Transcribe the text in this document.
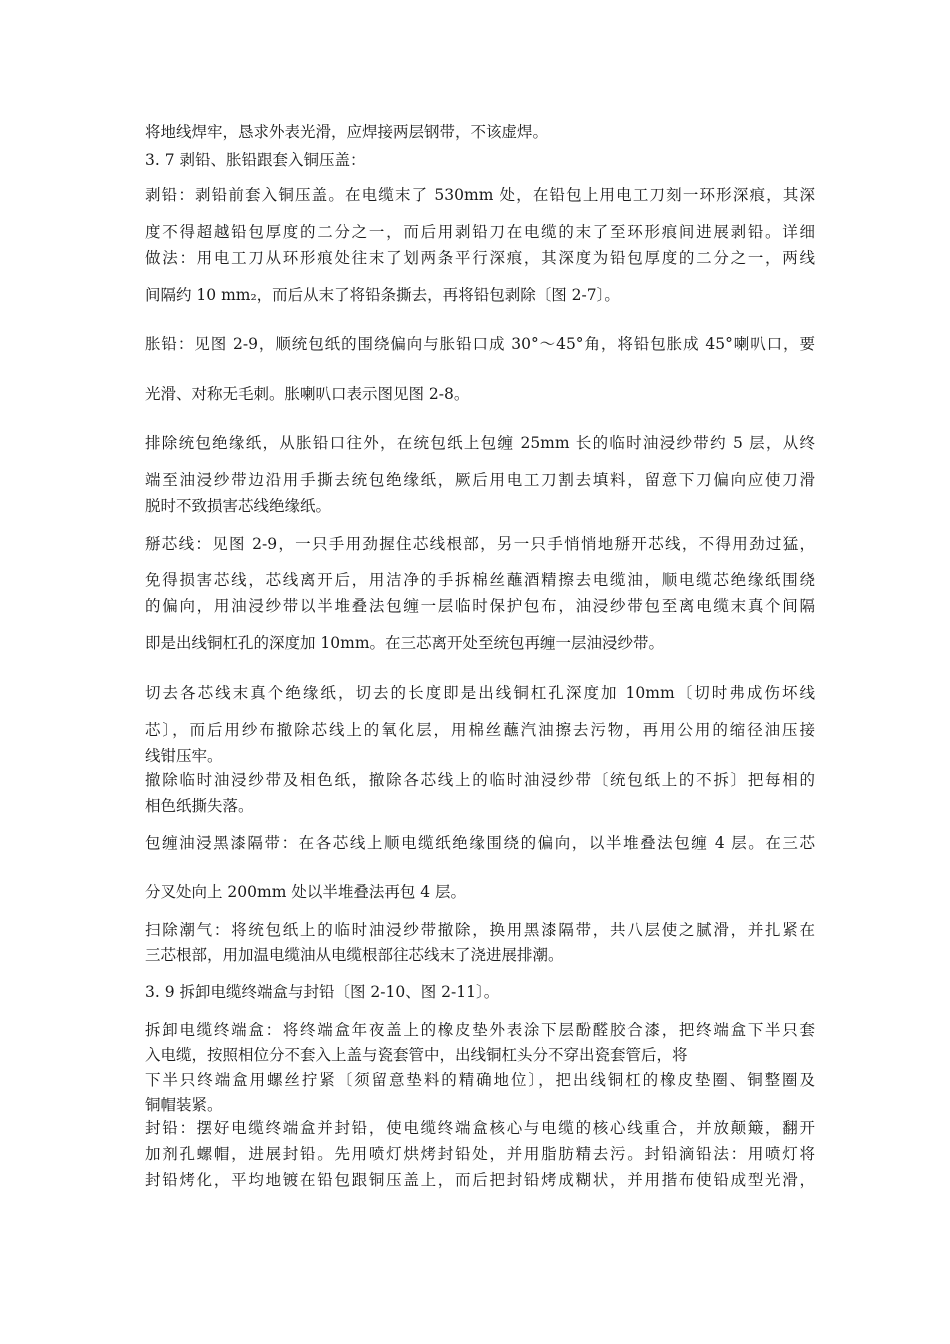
将地线焊牢，恳求外表光滑，应焊接两层钢带，不该虚焊。

3. 7 剥铅、胀铅跟套入铜压盖：

剥铅：剥铅前套入铜压盖。在电缆末了 530mm 处，在铅包上用电工刀刻一环形深痕，其深

度不得超越铅包厚度的二分之一，而后用剥铅刀在电缆的末了至环形痕间进展剥铅。详细

做法：用电工刀从环形痕处往末了划两条平行深痕，其深度为铅包厚度的二分之一，两线

间隔约 10 mm₂，而后从末了将铅条撕去，再将铅包剥除〔图 2-7〕。

胀铅：见图 2-9，顺统包纸的围绕偏向与胀铅口成 30°～45°角，将铅包胀成 45°喇叭口，要

光滑、对称无毛刺。胀喇叭口表示图见图 2-8。

排除统包绝缘纸，从胀铅口往外，在统包纸上包缠 25mm 长的临时油浸纱带约 5 层，从终

端至油浸纱带边沿用手撕去统包绝缘纸，厥后用电工刀割去填料，留意下刀偏向应使刀滑

脱时不致损害芯线绝缘纸。

掰芯线：见图 2-9，一只手用劲握住芯线根部，另一只手悄悄地掰开芯线，不得用劲过猛，

免得损害芯线，芯线离开后，用洁净的手拆棉丝蘸酒精擦去电缆油，顺电缆芯绝缘纸围绕

的偏向，用油浸纱带以半堆叠法包缠一层临时保护包布，油浸纱带包至离电缆末真个间隔

即是出线铜杠孔的深度加 10mm。在三芯离开处至统包再缠一层油浸纱带。

切去各芯线末真个绝缘纸，切去的长度即是出线铜杠孔深度加 10mm〔切时弗成伤坏线

芯〕，而后用纱布撤除芯线上的氧化层，用棉丝蘸汽油擦去污物，再用公用的缩径油压接

线钳压牢。

撤除临时油浸纱带及相色纸，撤除各芯线上的临时油浸纱带〔统包纸上的不拆〕把每相的

相色纸撕失落。

包缠油浸黑漆隔带：在各芯线上顺电缆纸绝缘围绕的偏向，以半堆叠法包缠 4 层。在三芯

分叉处向上 200mm 处以半堆叠法再包 4 层。

扫除潮气：将统包纸上的临时油浸纱带撤除，换用黑漆隔带，共八层使之腻滑，并扎紧在

三芯根部，用加温电缆油从电缆根部往芯线末了浇进展排潮。

3. 9 拆卸电缆终端盒与封铅〔图 2-10、图 2-11〕。

拆卸电缆终端盒：将终端盒年夜盖上的橡皮垫外表涂下层酚醛胶合漆，把终端盒下半只套

入电缆，按照相位分不套入上盖与瓷套管中，出线铜杠头分不穿出瓷套管后，将

下半只终端盒用螺丝拧紧〔须留意垫料的精确地位〕，把出线铜杠的橡皮垫圈、铜整圈及

铜帽装紧。

封铅：摆好电缆终端盒并封铅，使电缆终端盒核心与电缆的核心线重合，并放颠簸，翻开

加剂孔螺帽，进展封铅。先用喷灯烘烤封铅处，并用脂肪精去污。封铅滴铅法：用喷灯将

封铅烤化，平均地镀在铅包跟铜压盖上，而后把封铅烤成糊状，并用揩布使铅成型光滑，
